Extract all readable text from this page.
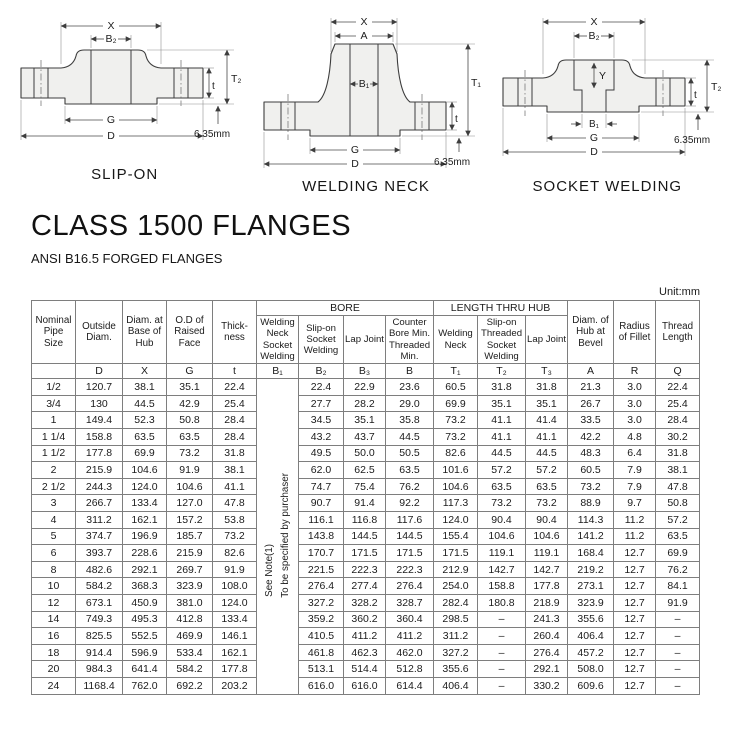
X
B₂
G
D
t
T₂
6.35mm
SLIP-ON
X
A
B₁
G
D
t
T₁
6.35mm
WELDING NECK
X
B₂
Y
B₁
G
D
t
T₂
6.35mm
SOCKET WELDING
CLASS 1500 FLANGES
ANSI B16.5 FORGED FLANGES
Unit:mm
Nominal Pipe Size	Outside Diam.	Diam. at Base of Hub	O.D of Raised Face	Thick-ness	BORE				LENGTH THRU HUB			Diam. of Hub at Bevel	Radius of Fillet	Thread Length
					Welding Neck Socket Welding	Slip-on Socket Welding	Lap Joint	Counter Bore Min. Threaded Min.	Welding Neck	Slip-on Threaded Socket Welding	Lap Joint			
	D	X	G	t	B₁	B₂	B₃	B	T₁	T₂	T₃	A	R	Q
1/2	120.7	38.1	35.1	22.4	See Note(1) To be specified by purchaser	22.4	22.9	23.6	60.5	31.8	31.8	21.3	3.0	22.4
3/4	130	44.5	42.9	25.4		27.7	28.2	29.0	69.9	35.1	35.1	26.7	3.0	25.4
1	149.4	52.3	50.8	28.4		34.5	35.1	35.8	73.2	41.1	41.4	33.5	3.0	28.4
1 1/4	158.8	63.5	63.5	28.4		43.2	43.7	44.5	73.2	41.1	41.1	42.2	4.8	30.2
1 1/2	177.8	69.9	73.2	31.8		49.5	50.0	50.5	82.6	44.5	44.5	48.3	6.4	31.8
2	215.9	104.6	91.9	38.1		62.0	62.5	63.5	101.6	57.2	57.2	60.5	7.9	38.1
2 1/2	244.3	124.0	104.6	41.1		74.7	75.4	76.2	104.6	63.5	63.5	73.2	7.9	47.8
3	266.7	133.4	127.0	47.8		90.7	91.4	92.2	117.3	73.2	73.2	88.9	9.7	50.8
4	311.2	162.1	157.2	53.8		116.1	116.8	117.6	124.0	90.4	90.4	114.3	11.2	57.2
5	374.7	196.9	185.7	73.2		143.8	144.5	144.5	155.4	104.6	104.6	141.2	11.2	63.5
6	393.7	228.6	215.9	82.6		170.7	171.5	171.5	171.5	119.1	119.1	168.4	12.7	69.9
8	482.6	292.1	269.7	91.9		221.5	222.3	222.3	212.9	142.7	142.7	219.2	12.7	76.2
10	584.2	368.3	323.9	108.0		276.4	277.4	276.4	254.0	158.8	177.8	273.1	12.7	84.1
12	673.1	450.9	381.0	124.0		327.2	328.2	328.7	282.4	180.8	218.9	323.9	12.7	91.9
14	749.3	495.3	412.8	133.4		359.2	360.2	360.4	298.5	–	241.3	355.6	12.7	–
16	825.5	552.5	469.9	146.1		410.5	411.2	411.2	311.2	–	260.4	406.4	12.7	–
18	914.4	596.9	533.4	162.1		461.8	462.3	462.0	327.2	–	276.4	457.2	12.7	–
20	984.3	641.4	584.2	177.8		513.1	514.4	512.8	355.6	–	292.1	508.0	12.7	–
24	1168.4	762.0	692.2	203.2		616.0	616.0	614.4	406.4	–	330.2	609.6	12.7	–
